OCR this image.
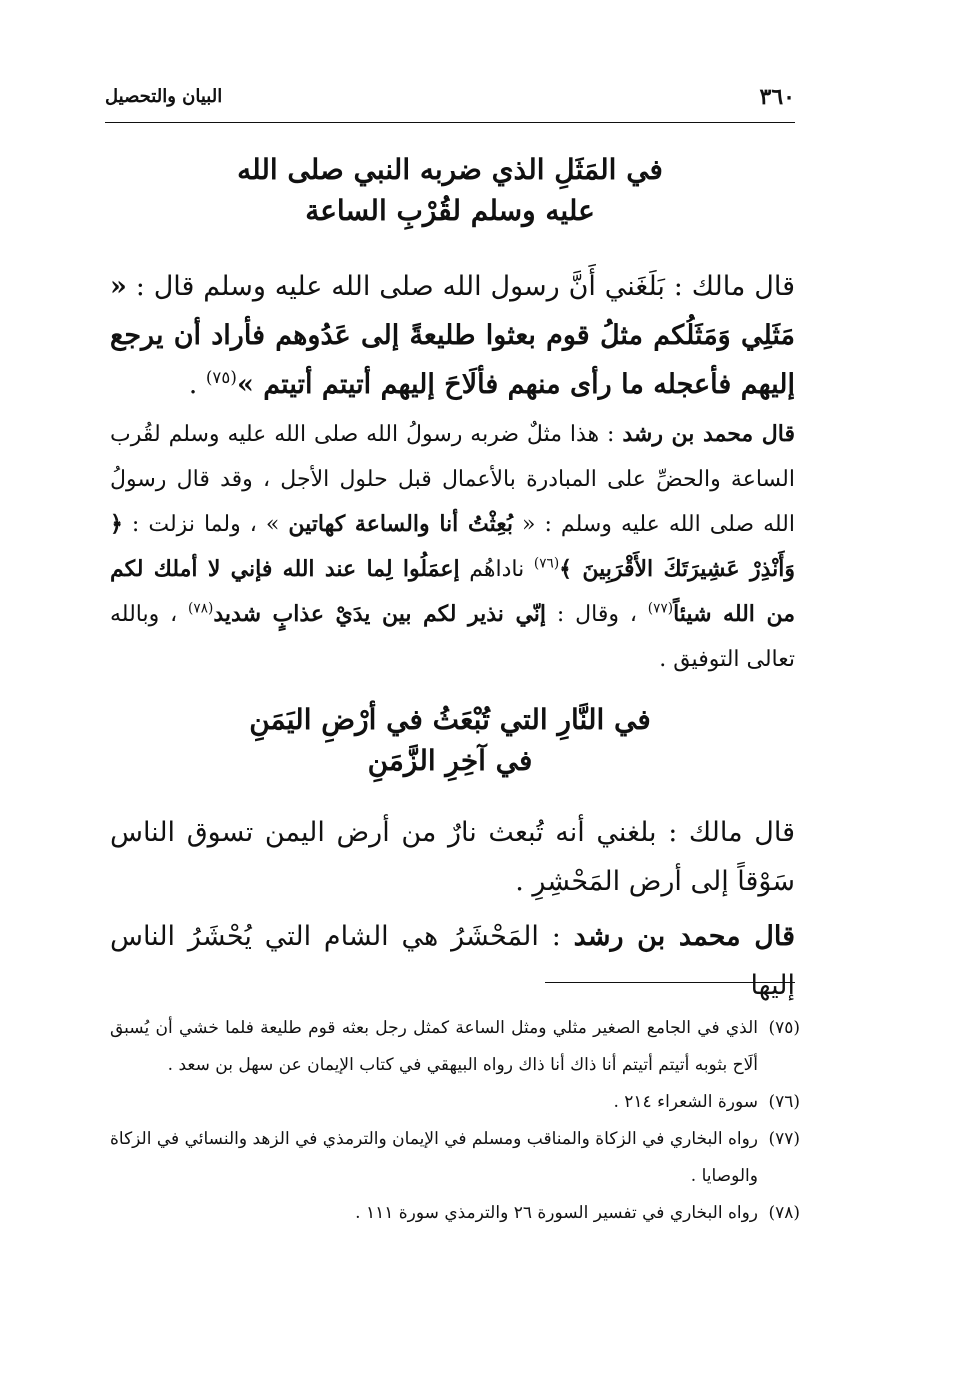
٣٦٠
البيان والتحصيل
في المَثَلِ الذي ضربه النبي صلى الله
عليه وسلم لقُرْبِ الساعة
قال مالك : بَلَغَني أَنَّ رسول الله صلى الله عليه وسلم قال : « مَثَلِي وَمَثَلُكم مثلُ قوم بعثوا طليعةً إلى عَدُوهم فأراد أن يرجع إليهم فأعجله ما رأى منهم فألَاحَ إليهم أتيتم أتيتم »$^{(٧٥)}$ .
قال محمد بن رشد : هذا مثلٌ ضربه رسولُ الله صلى الله عليه وسلم لقُرب الساعة والحضِّ على المبادرة بالأعمال قبل حلول الأجل ، وقد قال رسولُ الله صلى الله عليه وسلم : « بُعِثْتُ أنا والساعة كهاتين » ، ولما نزلت : ﴿ وَأَنْذِرْ عَشِيرَتَكَ الأَقْرَبِينَ ﴾$^{(٧٦)}$ ناداهُم إعمَلُوا لِما عند الله فإني لا أملك لكم من الله شيئاً$^{(٧٧)}$ ، وقال : إنّي نذير لكم بين يدَيْ عذابٍ شديد$^{(٧٨)}$ ، وبالله تعالى التوفيق .
في النَّارِ التي تُبْعَثُ في أرْضِ اليَمَنِ
في آخِرِ الزَّمَنِ
قال مالك : بلغني أنه تُبعث نارٌ من أرض اليمن تسوق الناس سَوْقاً إلى أرض المَحْشِرِ .
قال محمد بن رشد : المَحْشَرُ هي الشام التي يُحْشَرُ الناس إليها
(٧٥)الذي في الجامع الصغير مثلي ومثل الساعة كمثل رجل بعثه قوم طليعة فلما خشي أن يُسبق ألَاح بثوبه أتيتم أتيتم أنا ذاك أنا ذاك رواه البيهقي في كتاب الإيمان عن سهل بن سعد .
(٧٦)سورة الشعراء ٢١٤ .
(٧٧)رواه البخاري في الزكاة والمناقب ومسلم في الإيمان والترمذي في الزهد والنسائي في الزكاة والوصايا .
(٧٨)رواه البخاري في تفسير السورة ٢٦ والترمذي سورة ١١١ .
